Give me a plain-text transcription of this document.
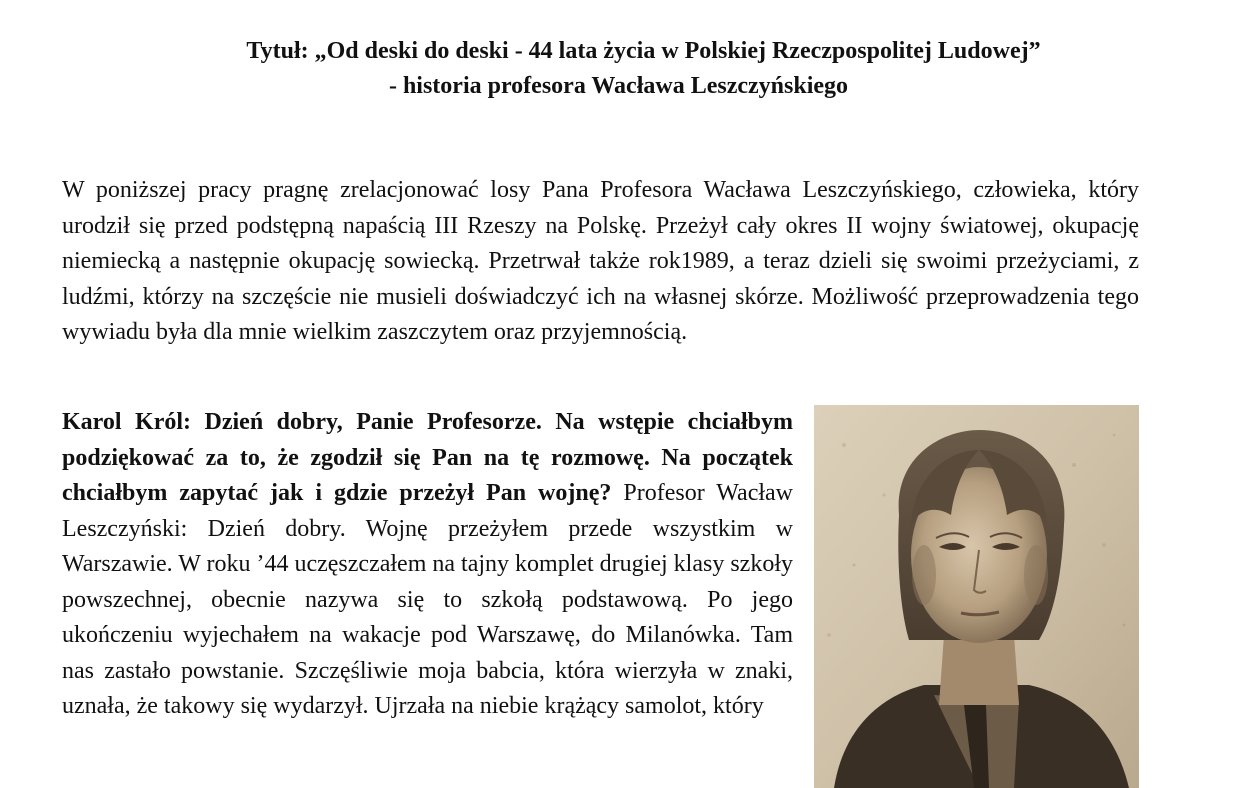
Tytuł: „Od deski do deski - 44 lata życia w Polskiej Rzeczpospolitej Ludowej”
- historia profesora Wacława Leszczyńskiego

W poniższej pracy pragnę zrelacjonować losy Pana Profesora Wacława Leszczyńskiego, człowieka, który urodził się przed podstępną napaścią III Rzeszy na Polskę. Przeżył cały okres II wojny światowej, okupację niemiecką a następnie okupację sowiecką. Przetrwał także rok1989, a teraz dzieli się swoimi przeżyciami, z ludźmi, którzy na szczęście nie musieli doświadczyć ich na własnej skórze. Możliwość przeprowadzenia tego wywiadu była dla mnie wielkim zaszczytem oraz przyjemnością.

Karol Król: Dzień dobry, Panie Profesorze. Na wstępie chciałbym podziękować za to, że zgodził się Pan na tę rozmowę. Na początek chciałbym zapytać jak i gdzie przeżył Pan wojnę? Profesor Wacław Leszczyński: Dzień dobry. Wojnę przeżyłem przede wszystkim w Warszawie. W roku ’44 uczęszczałem na tajny komplet drugiej klasy szkoły powszechnej, obecnie nazywa się to szkołą podstawową. Po jego ukończeniu wyjechałem na wakacje pod Warszawę, do Milanówka. Tam nas zastało powstanie. Szczęśliwie moja babcia, która wierzyła w znaki, uznała, że takowy się wydarzył. Ujrzała na niebie krążący samolot, który
